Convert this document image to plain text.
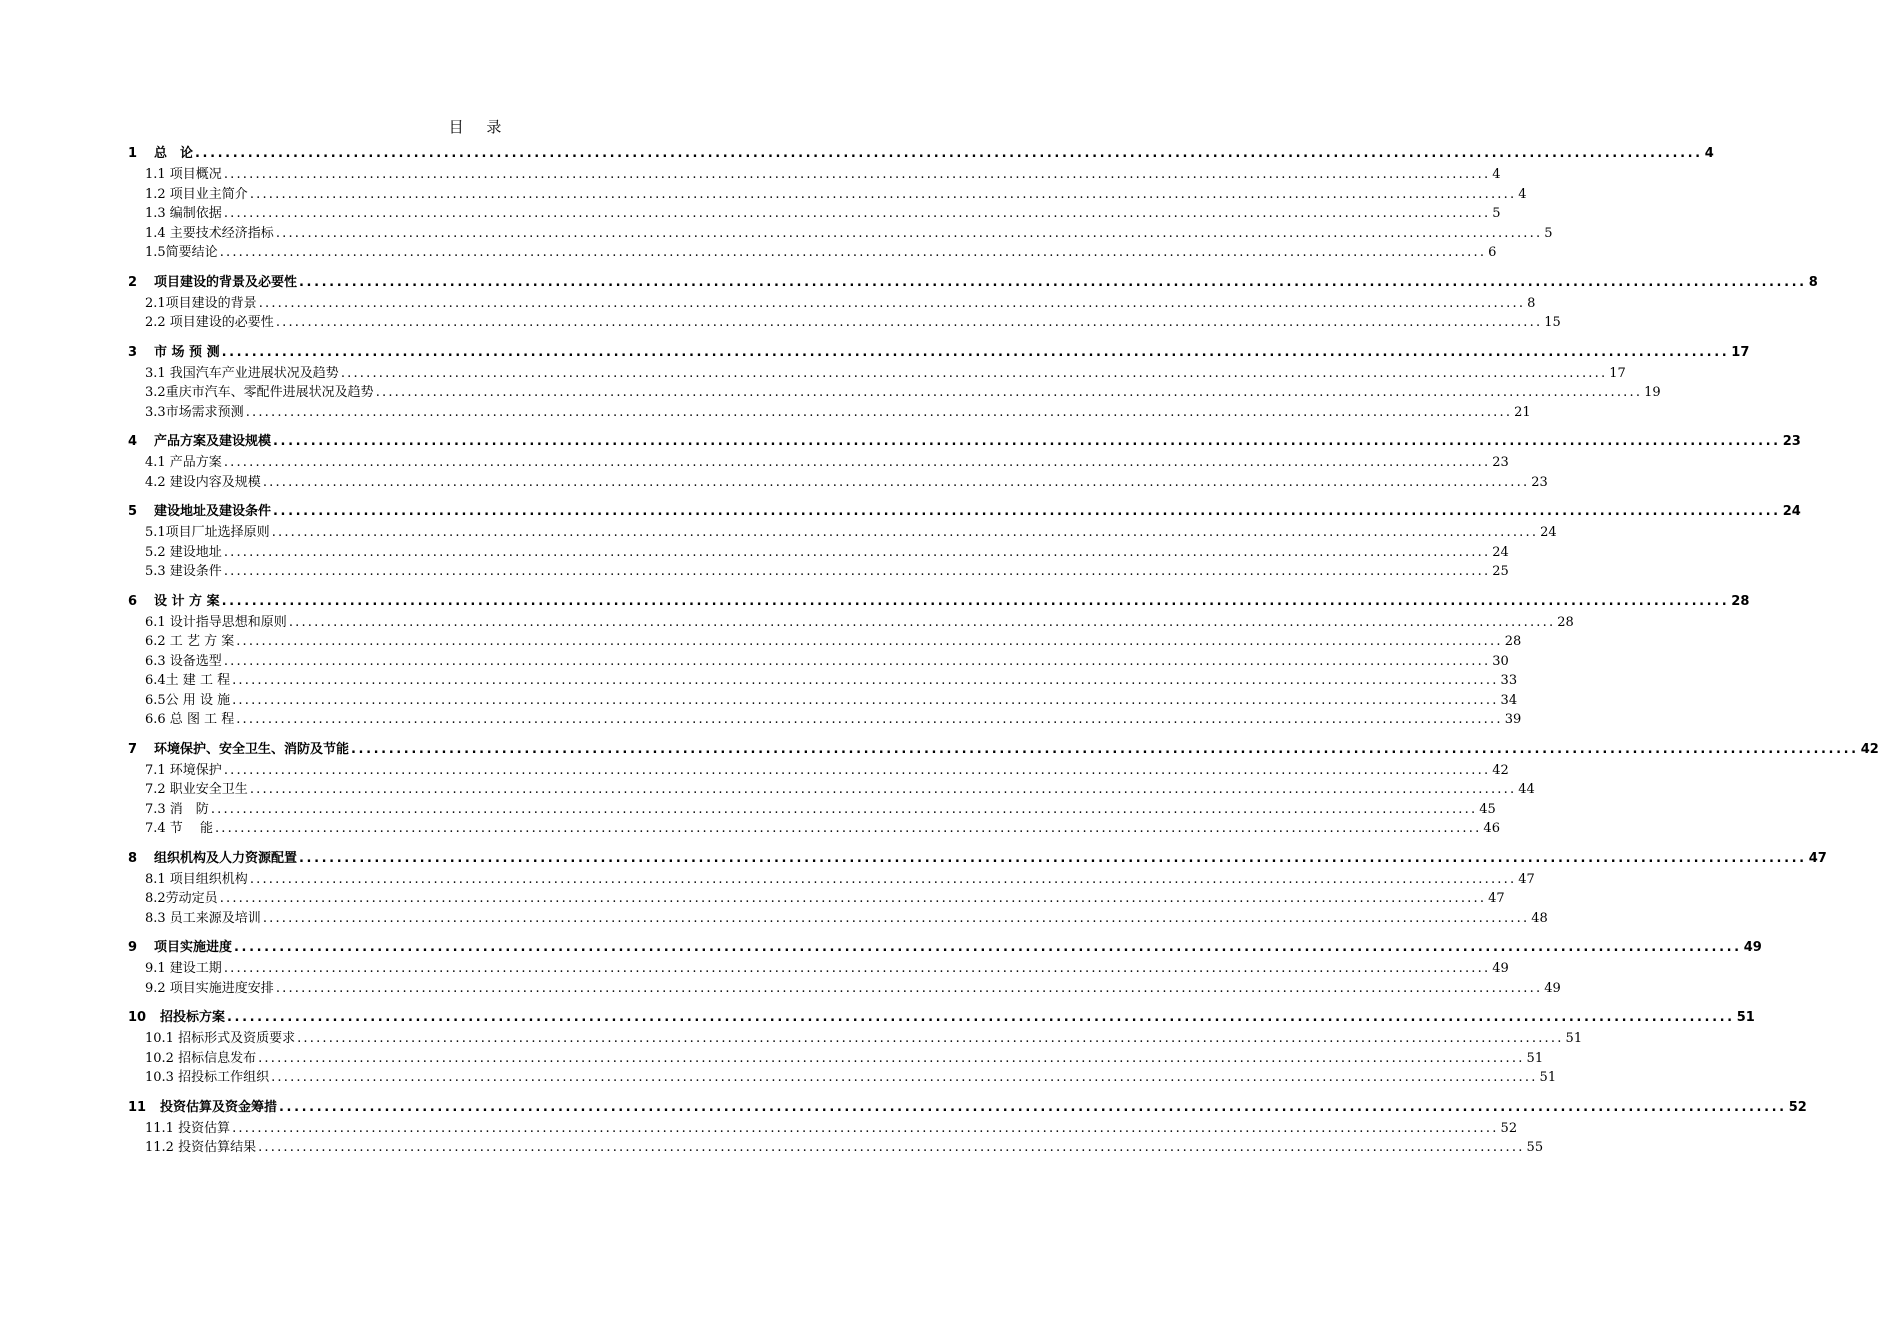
目 录
1	总　论 ........................................................................................................................................................................................................ 4
1.1 项目概况 ........................................................................................................................................................................................................ 4
1.2 项目业主简介 ........................................................................................................................................................................................................ 4
1.3 编制依据 ........................................................................................................................................................................................................ 5
1.4 主要技术经济指标 ........................................................................................................................................................................................................ 5
1.5简要结论 ........................................................................................................................................................................................................ 6
2	项目建设的背景及必要性 ........................................................................................................................................................................................................ 8
2.1项目建设的背景 ........................................................................................................................................................................................................ 8
2.2 项目建设的必要性 ........................................................................................................................................................................................................ 15
3	市 场 预 测 ........................................................................................................................................................................................................ 17
3.1 我国汽车产业进展状况及趋势 ........................................................................................................................................................................................................ 17
3.2重庆市汽车、零配件进展状况及趋势 ........................................................................................................................................................................................................ 19
3.3市场需求预测 ........................................................................................................................................................................................................ 21
4	产品方案及建设规模 ........................................................................................................................................................................................................ 23
4.1 产品方案 ........................................................................................................................................................................................................ 23
4.2 建设内容及规模 ........................................................................................................................................................................................................ 23
5	建设地址及建设条件 ........................................................................................................................................................................................................ 24
5.1项目厂址选择原则 ........................................................................................................................................................................................................ 24
5.2 建设地址 ........................................................................................................................................................................................................ 24
5.3 建设条件 ........................................................................................................................................................................................................ 25
6	设 计 方 案 ........................................................................................................................................................................................................ 28
6.1 设计指导思想和原则 ........................................................................................................................................................................................................ 28
6.2 工 艺 方 案 ........................................................................................................................................................................................................ 28
6.3 设备选型 ........................................................................................................................................................................................................ 30
6.4土 建 工 程 ........................................................................................................................................................................................................ 33
6.5公 用 设 施 ........................................................................................................................................................................................................ 34
6.6 总 图 工 程 ........................................................................................................................................................................................................ 39
7	环境保护、安全卫生、消防及节能 ........................................................................................................................................................................................................ 42
7.1 环境保护 ........................................................................................................................................................................................................ 42
7.2 职业安全卫生 ........................................................................................................................................................................................................ 44
7.3 消　防 ........................................................................................................................................................................................................ 45
7.4 节　 能 ........................................................................................................................................................................................................ 46
8	组织机构及人力资源配置 ........................................................................................................................................................................................................ 47
8.1 项目组织机构 ........................................................................................................................................................................................................ 47
8.2劳动定员 ........................................................................................................................................................................................................ 47
8.3 员工来源及培训 ........................................................................................................................................................................................................ 48
9	项目实施进度 ........................................................................................................................................................................................................ 49
9.1 建设工期 ........................................................................................................................................................................................................ 49
9.2 项目实施进度安排 ........................................................................................................................................................................................................ 49
10	招投标方案 ........................................................................................................................................................................................................ 51
10.1 招标形式及资质要求 ........................................................................................................................................................................................................ 51
10.2 招标信息发布 ........................................................................................................................................................................................................ 51
10.3 招投标工作组织 ........................................................................................................................................................................................................ 51
11	投资估算及资金筹措 ........................................................................................................................................................................................................ 52
11.1 投资估算 ........................................................................................................................................................................................................ 52
11.2 投资估算结果 ........................................................................................................................................................................................................ 55
